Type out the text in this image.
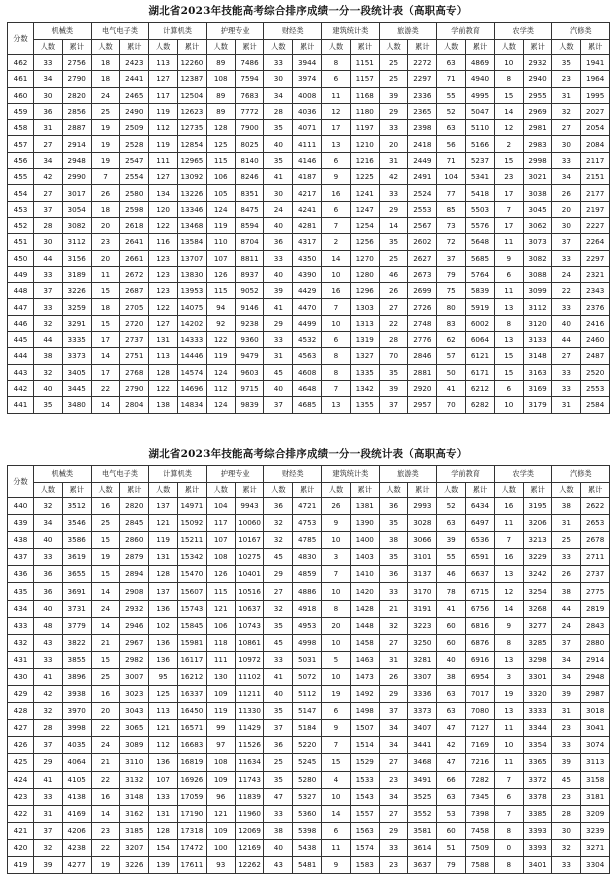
湖北省2023年技能高考综合排序成绩一分一段统计表（高职高专）
分数	机械类		电气电子类		计算机类		护理专业		财经类		建筑统计类		旅游类		学前教育		农学类		汽修类	
	人数	累计	人数	累计	人数	累计	人数	累计	人数	累计	人数	累计	人数	累计	人数	累计	人数	累计	人数	累计
462	33	2756	18	2423	113	12260	89	7486	33	3944	8	1151	25	2272	63	4869	10	2932	35	1941
461	34	2790	18	2441	127	12387	108	7594	30	3974	6	1157	25	2297	71	4940	8	2940	23	1964
460	30	2820	24	2465	117	12504	89	7683	34	4008	11	1168	39	2336	55	4995	15	2955	31	1995
459	36	2856	25	2490	119	12623	89	7772	28	4036	12	1180	29	2365	52	5047	14	2969	32	2027
458	31	2887	19	2509	112	12735	128	7900	35	4071	17	1197	33	2398	63	5110	12	2981	27	2054
457	27	2914	19	2528	119	12854	125	8025	40	4111	13	1210	20	2418	56	5166	2	2983	30	2084
456	34	2948	19	2547	111	12965	115	8140	35	4146	6	1216	31	2449	71	5237	15	2998	33	2117
455	42	2990	7	2554	127	13092	106	8246	41	4187	9	1225	42	2491	104	5341	23	3021	34	2151
454	27	3017	26	2580	134	13226	105	8351	30	4217	16	1241	33	2524	77	5418	17	3038	26	2177
453	37	3054	18	2598	120	13346	124	8475	24	4241	6	1247	29	2553	85	5503	7	3045	20	2197
452	28	3082	20	2618	122	13468	119	8594	40	4281	7	1254	14	2567	73	5576	17	3062	30	2227
451	30	3112	23	2641	116	13584	110	8704	36	4317	2	1256	35	2602	72	5648	11	3073	37	2264
450	44	3156	20	2661	123	13707	107	8811	33	4350	14	1270	25	2627	37	5685	9	3082	33	2297
449	33	3189	11	2672	123	13830	126	8937	40	4390	10	1280	46	2673	79	5764	6	3088	24	2321
448	37	3226	15	2687	123	13953	115	9052	39	4429	16	1296	26	2699	75	5839	11	3099	22	2343
447	33	3259	18	2705	122	14075	94	9146	41	4470	7	1303	27	2726	80	5919	13	3112	33	2376
446	32	3291	15	2720	127	14202	92	9238	29	4499	10	1313	22	2748	83	6002	8	3120	40	2416
445	44	3335	17	2737	131	14333	122	9360	33	4532	6	1319	28	2776	62	6064	13	3133	44	2460
444	38	3373	14	2751	113	14446	119	9479	31	4563	8	1327	70	2846	57	6121	15	3148	27	2487
443	32	3405	17	2768	128	14574	124	9603	45	4608	8	1335	35	2881	50	6171	15	3163	33	2520
442	40	3445	22	2790	122	14696	112	9715	40	4648	7	1342	39	2920	41	6212	6	3169	33	2553
441	35	3480	14	2804	138	14834	124	9839	37	4685	13	1355	37	2957	70	6282	10	3179	31	2584
湖北省2023年技能高考综合排序成绩一分一段统计表（高职高专）
分数	机械类		电气电子类		计算机类		护理专业		财经类		建筑统计类		旅游类		学前教育		农学类		汽修类	
	人数	累计	人数	累计	人数	累计	人数	累计	人数	累计	人数	累计	人数	累计	人数	累计	人数	累计	人数	累计
440	32	3512	16	2820	137	14971	104	9943	36	4721	26	1381	36	2993	52	6434	16	3195	38	2622
439	34	3546	25	2845	121	15092	117	10060	32	4753	9	1390	35	3028	63	6497	11	3206	31	2653
438	40	3586	15	2860	119	15211	107	10167	32	4785	10	1400	38	3066	39	6536	7	3213	25	2678
437	33	3619	19	2879	131	15342	108	10275	45	4830	3	1403	35	3101	55	6591	16	3229	33	2711
436	36	3655	15	2894	128	15470	126	10401	29	4859	7	1410	36	3137	46	6637	13	3242	26	2737
435	36	3691	14	2908	137	15607	115	10516	27	4886	10	1420	33	3170	78	6715	12	3254	38	2775
434	40	3731	24	2932	136	15743	121	10637	32	4918	8	1428	21	3191	41	6756	14	3268	44	2819
433	48	3779	14	2946	102	15845	106	10743	35	4953	20	1448	32	3223	60	6816	9	3277	24	2843
432	43	3822	21	2967	136	15981	118	10861	45	4998	10	1458	27	3250	60	6876	8	3285	37	2880
431	33	3855	15	2982	136	16117	111	10972	33	5031	5	1463	31	3281	40	6916	13	3298	34	2914
430	41	3896	25	3007	95	16212	130	11102	41	5072	10	1473	26	3307	38	6954	3	3301	34	2948
429	42	3938	16	3023	125	16337	109	11211	40	5112	19	1492	29	3336	63	7017	19	3320	39	2987
428	32	3970	20	3043	113	16450	119	11330	35	5147	6	1498	37	3373	63	7080	13	3333	31	3018
427	28	3998	22	3065	121	16571	99	11429	37	5184	9	1507	34	3407	47	7127	11	3344	23	3041
426	37	4035	24	3089	112	16683	97	11526	36	5220	7	1514	34	3441	42	7169	10	3354	33	3074
425	29	4064	21	3110	136	16819	108	11634	25	5245	15	1529	27	3468	47	7216	11	3365	39	3113
424	41	4105	22	3132	107	16926	109	11743	35	5280	4	1533	23	3491	66	7282	7	3372	45	3158
423	33	4138	16	3148	133	17059	96	11839	47	5327	10	1543	34	3525	63	7345	6	3378	23	3181
422	31	4169	14	3162	131	17190	121	11960	33	5360	14	1557	27	3552	53	7398	7	3385	28	3209
421	37	4206	23	3185	128	17318	109	12069	38	5398	6	1563	29	3581	60	7458	8	3393	30	3239
420	32	4238	22	3207	154	17472	100	12169	40	5438	11	1574	33	3614	51	7509	0	3393	32	3271
419	39	4277	19	3226	139	17611	93	12262	43	5481	9	1583	23	3637	79	7588	8	3401	33	3304
